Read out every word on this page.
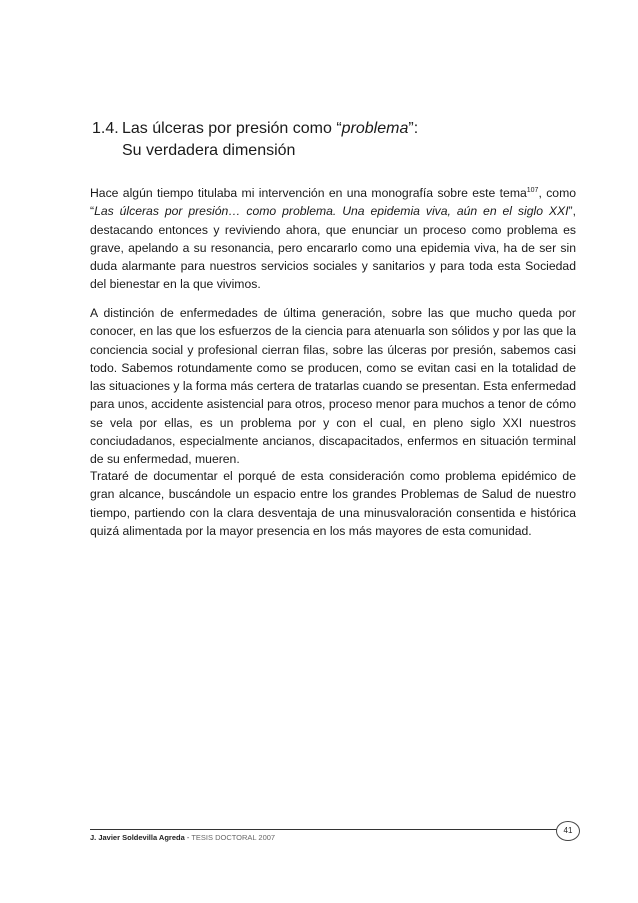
1.4. Las úlceras por presión como “problema”:
Su verdadera dimensión

Hace algún tiempo titulaba mi intervención en una monografía sobre este tema$^{107}$, como “Las úlceras por presión… como problema. Una epidemia viva, aún en el siglo XXI”, destacando entonces y reviviendo ahora, que enunciar un proceso como problema es grave, apelando a su resonancia, pero encararlo como una epidemia viva, ha de ser sin duda alarmante para nuestros servicios sociales y sanitarios y para toda esta Sociedad del bienestar en la que vivimos.

A distinción de enfermedades de última generación, sobre las que mucho queda por conocer, en las que los esfuerzos de la ciencia para atenuarla son sólidos y por las que la conciencia social y profesional cierran filas, sobre las úlceras por presión, sabemos casi todo. Sabemos rotundamente como se producen, como se evitan casi en la totalidad de las situaciones y la forma más certera de tratarlas cuando se presentan. Esta enfermedad para unos, accidente asistencial para otros, proceso menor para muchos a tenor de cómo se vela por ellas, es un problema por y con el cual, en pleno siglo XXI nuestros conciudadanos, especialmente ancianos, discapacitados, enfermos en situación terminal de su enfermedad, mueren.

Trataré de documentar el porqué de esta consideración como problema epidémico de gran alcance, buscándole un espacio entre los grandes Problemas de Salud de nuestro tiempo, partiendo con la clara desventaja de una minusvaloración consentida e histórica quizá alimentada por la mayor presencia en los más mayores de esta comunidad.

J. Javier Soldevilla Agreda - TESIS DOCTORAL 2007
41
